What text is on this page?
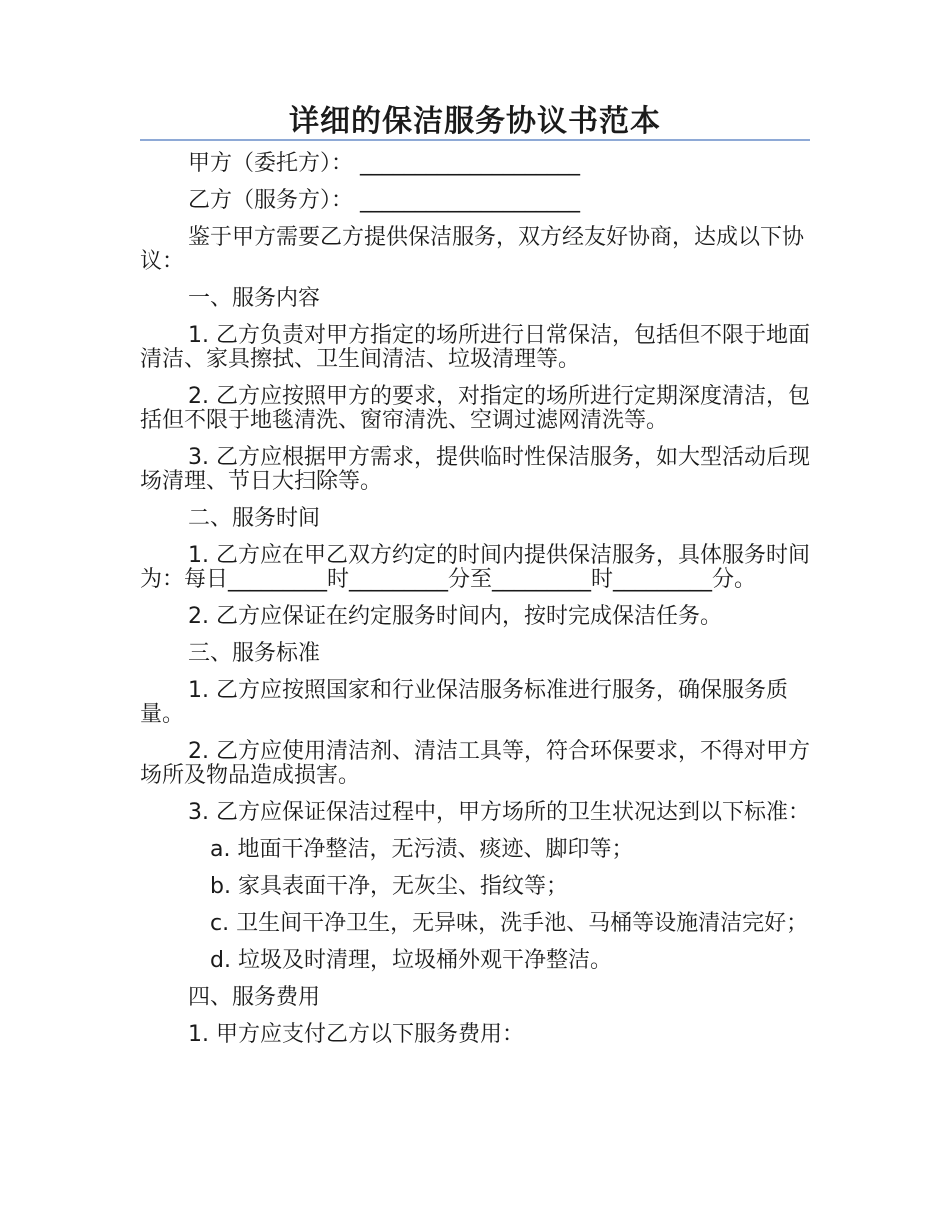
详细的保洁服务协议书范本

甲方（委托方）： ____________________

乙方（服务方）： ____________________

鉴于甲方需要乙方提供保洁服务，双方经友好协商，达成以下协议：

一、服务内容

1. 乙方负责对甲方指定的场所进行日常保洁，包括但不限于地面清洁、家具擦拭、卫生间清洁、垃圾清理等。

2. 乙方应按照甲方的要求，对指定的场所进行定期深度清洁，包括但不限于地毯清洗、窗帘清洗、空调过滤网清洗等。

3. 乙方应根据甲方需求，提供临时性保洁服务，如大型活动后现场清理、节日大扫除等。

二、服务时间

1. 乙方应在甲乙双方约定的时间内提供保洁服务，具体服务时间为：每日_________时_________分至_________时_________分。

2. 乙方应保证在约定服务时间内，按时完成保洁任务。

三、服务标准

1. 乙方应按照国家和行业保洁服务标准进行服务，确保服务质量。

2. 乙方应使用清洁剂、清洁工具等，符合环保要求，不得对甲方场所及物品造成损害。

3. 乙方应保证保洁过程中，甲方场所的卫生状况达到以下标准：

a. 地面干净整洁，无污渍、痰迹、脚印等；

b. 家具表面干净，无灰尘、指纹等；

c. 卫生间干净卫生，无异味，洗手池、马桶等设施清洁完好；

d. 垃圾及时清理，垃圾桶外观干净整洁。

四、服务费用

1. 甲方应支付乙方以下服务费用：
